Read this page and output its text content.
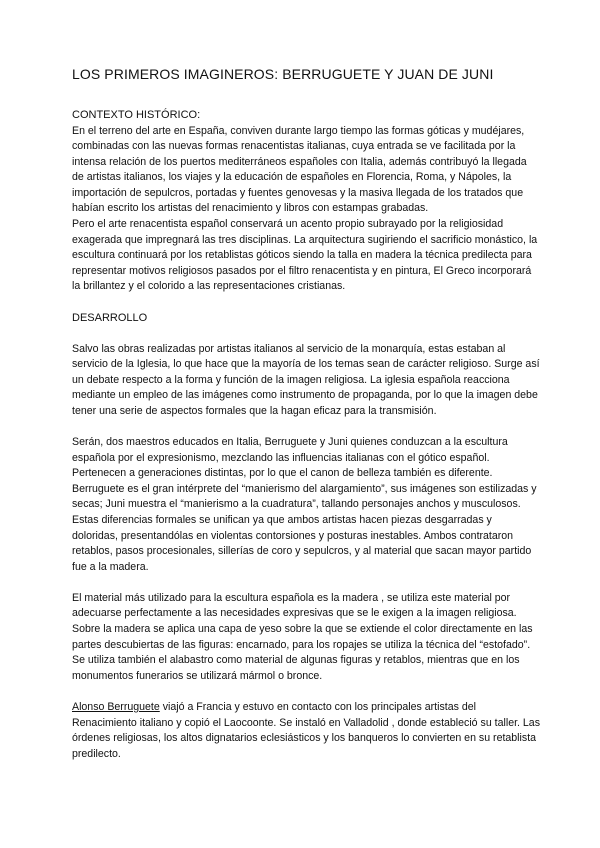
LOS PRIMEROS IMAGINEROS: BERRUGUETE Y JUAN DE JUNI
CONTEXTO HISTÓRICO:

En el terreno del arte en España, conviven durante largo tiempo las formas góticas y mudéjares, combinadas con las nuevas formas renacentistas italianas, cuya entrada se ve facilitada por la intensa relación de los puertos mediterráneos españoles con Italia, además contribuyó la llegada de artistas italianos, los viajes y la educación de españoles en Florencia, Roma, y Nápoles, la importación de sepulcros, portadas y fuentes genovesas y la masiva llegada de los tratados que habían escrito los artistas del renacimiento y libros con estampas grabadas.

Pero el arte renacentista español conservará un acento propio subrayado por la religiosidad exagerada que impregnará las tres disciplinas. La arquitectura sugiriendo el sacrificio monástico, la escultura continuará por los retablistas góticos siendo la talla en madera la técnica predilecta para representar motivos religiosos pasados por el filtro renacentista y en pintura, El Greco incorporará la brillantez y el colorido a las representaciones cristianas.

DESARROLLO

Salvo las obras realizadas por artistas italianos al servicio de la monarquía, estas estaban al servicio de la Iglesia, lo que hace que la mayoría de los temas sean de carácter religioso. Surge así un debate respecto a la forma y función de la imagen religiosa. La iglesia española reacciona mediante un empleo de las imágenes como instrumento de propaganda, por lo que la imagen debe tener una serie de aspectos formales que la hagan eficaz para la transmisión.

Serán, dos maestros educados en Italia, Berruguete y Juni quienes conduzcan a la escultura española por el expresionismo, mezclando las influencias italianas con el gótico español. Pertenecen a generaciones distintas, por lo que el canon de belleza también es diferente.

Berruguete es el gran intérprete del “manierismo del alargamiento”, sus imágenes son estilizadas y secas; Juni muestra el “manierismo a la cuadratura”, tallando personajes anchos y musculosos. Estas diferencias formales se unifican ya que ambos artistas hacen piezas desgarradas y doloridas, presentandólas en violentas contorsiones y posturas inestables. Ambos contrataron retablos, pasos procesionales, sillerías de coro y sepulcros, y al material que sacan mayor partido fue a la madera.

El material más utilizado para la escultura española es la madera , se utiliza este material por adecuarse perfectamente a las necesidades expresivas que se le exigen a la imagen religiosa. Sobre la madera se aplica una capa de yeso sobre la que se extiende el color directamente en las partes descubiertas de las figuras: encarnado, para los ropajes se utiliza la técnica del “estofado”. Se utiliza también el alabastro como material de algunas figuras y retablos, mientras que en los monumentos funerarios se utilizará mármol o bronce.

Alonso Berruguete viajó a Francia y estuvo en contacto con los principales artistas del Renacimiento italiano y copió el Laocoonte. Se instaló en Valladolid , donde estableció su taller. Las órdenes religiosas, los altos dignatarios eclesiásticos y los banqueros lo convierten en su retablista predilecto.
